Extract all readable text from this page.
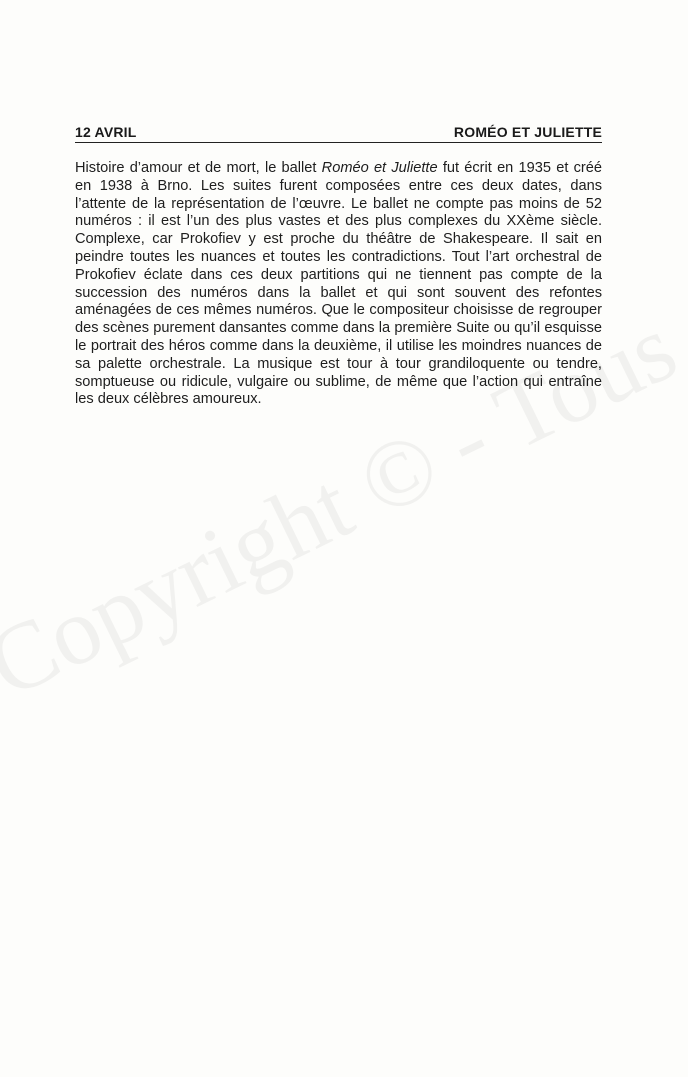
12 AVRIL	ROMÉO ET JULIETTE

Histoire d’amour et de mort, le ballet Roméo et Juliette fut écrit en 1935 et créé en 1938 à Brno. Les suites furent composées entre ces deux dates, dans l’attente de la représentation de l’œuvre. Le ballet ne compte pas moins de 52 numéros : il est l’un des plus vastes et des plus complexes du XXème siècle. Complexe, car Prokofiev y est proche du théâtre de Shakespeare. Il sait en peindre toutes les nuances et toutes les contradictions. Tout l’art orchestral de Prokofiev éclate dans ces deux partitions qui ne tiennent pas compte de la succession des numéros dans la ballet et qui sont souvent des refontes aménagées de ces mêmes numéros. Que le compositeur choisisse de regrouper des scènes purement dansantes comme dans la première Suite ou qu’il esquisse le portrait des héros comme dans la deuxième, il utilise les moindres nuances de sa palette orchestrale. La musique est tour à tour grandiloquente ou tendre, somptueuse ou ridicule, vulgaire ou sublime, de même que l’action qui entraîne les deux célèbres amoureux.
